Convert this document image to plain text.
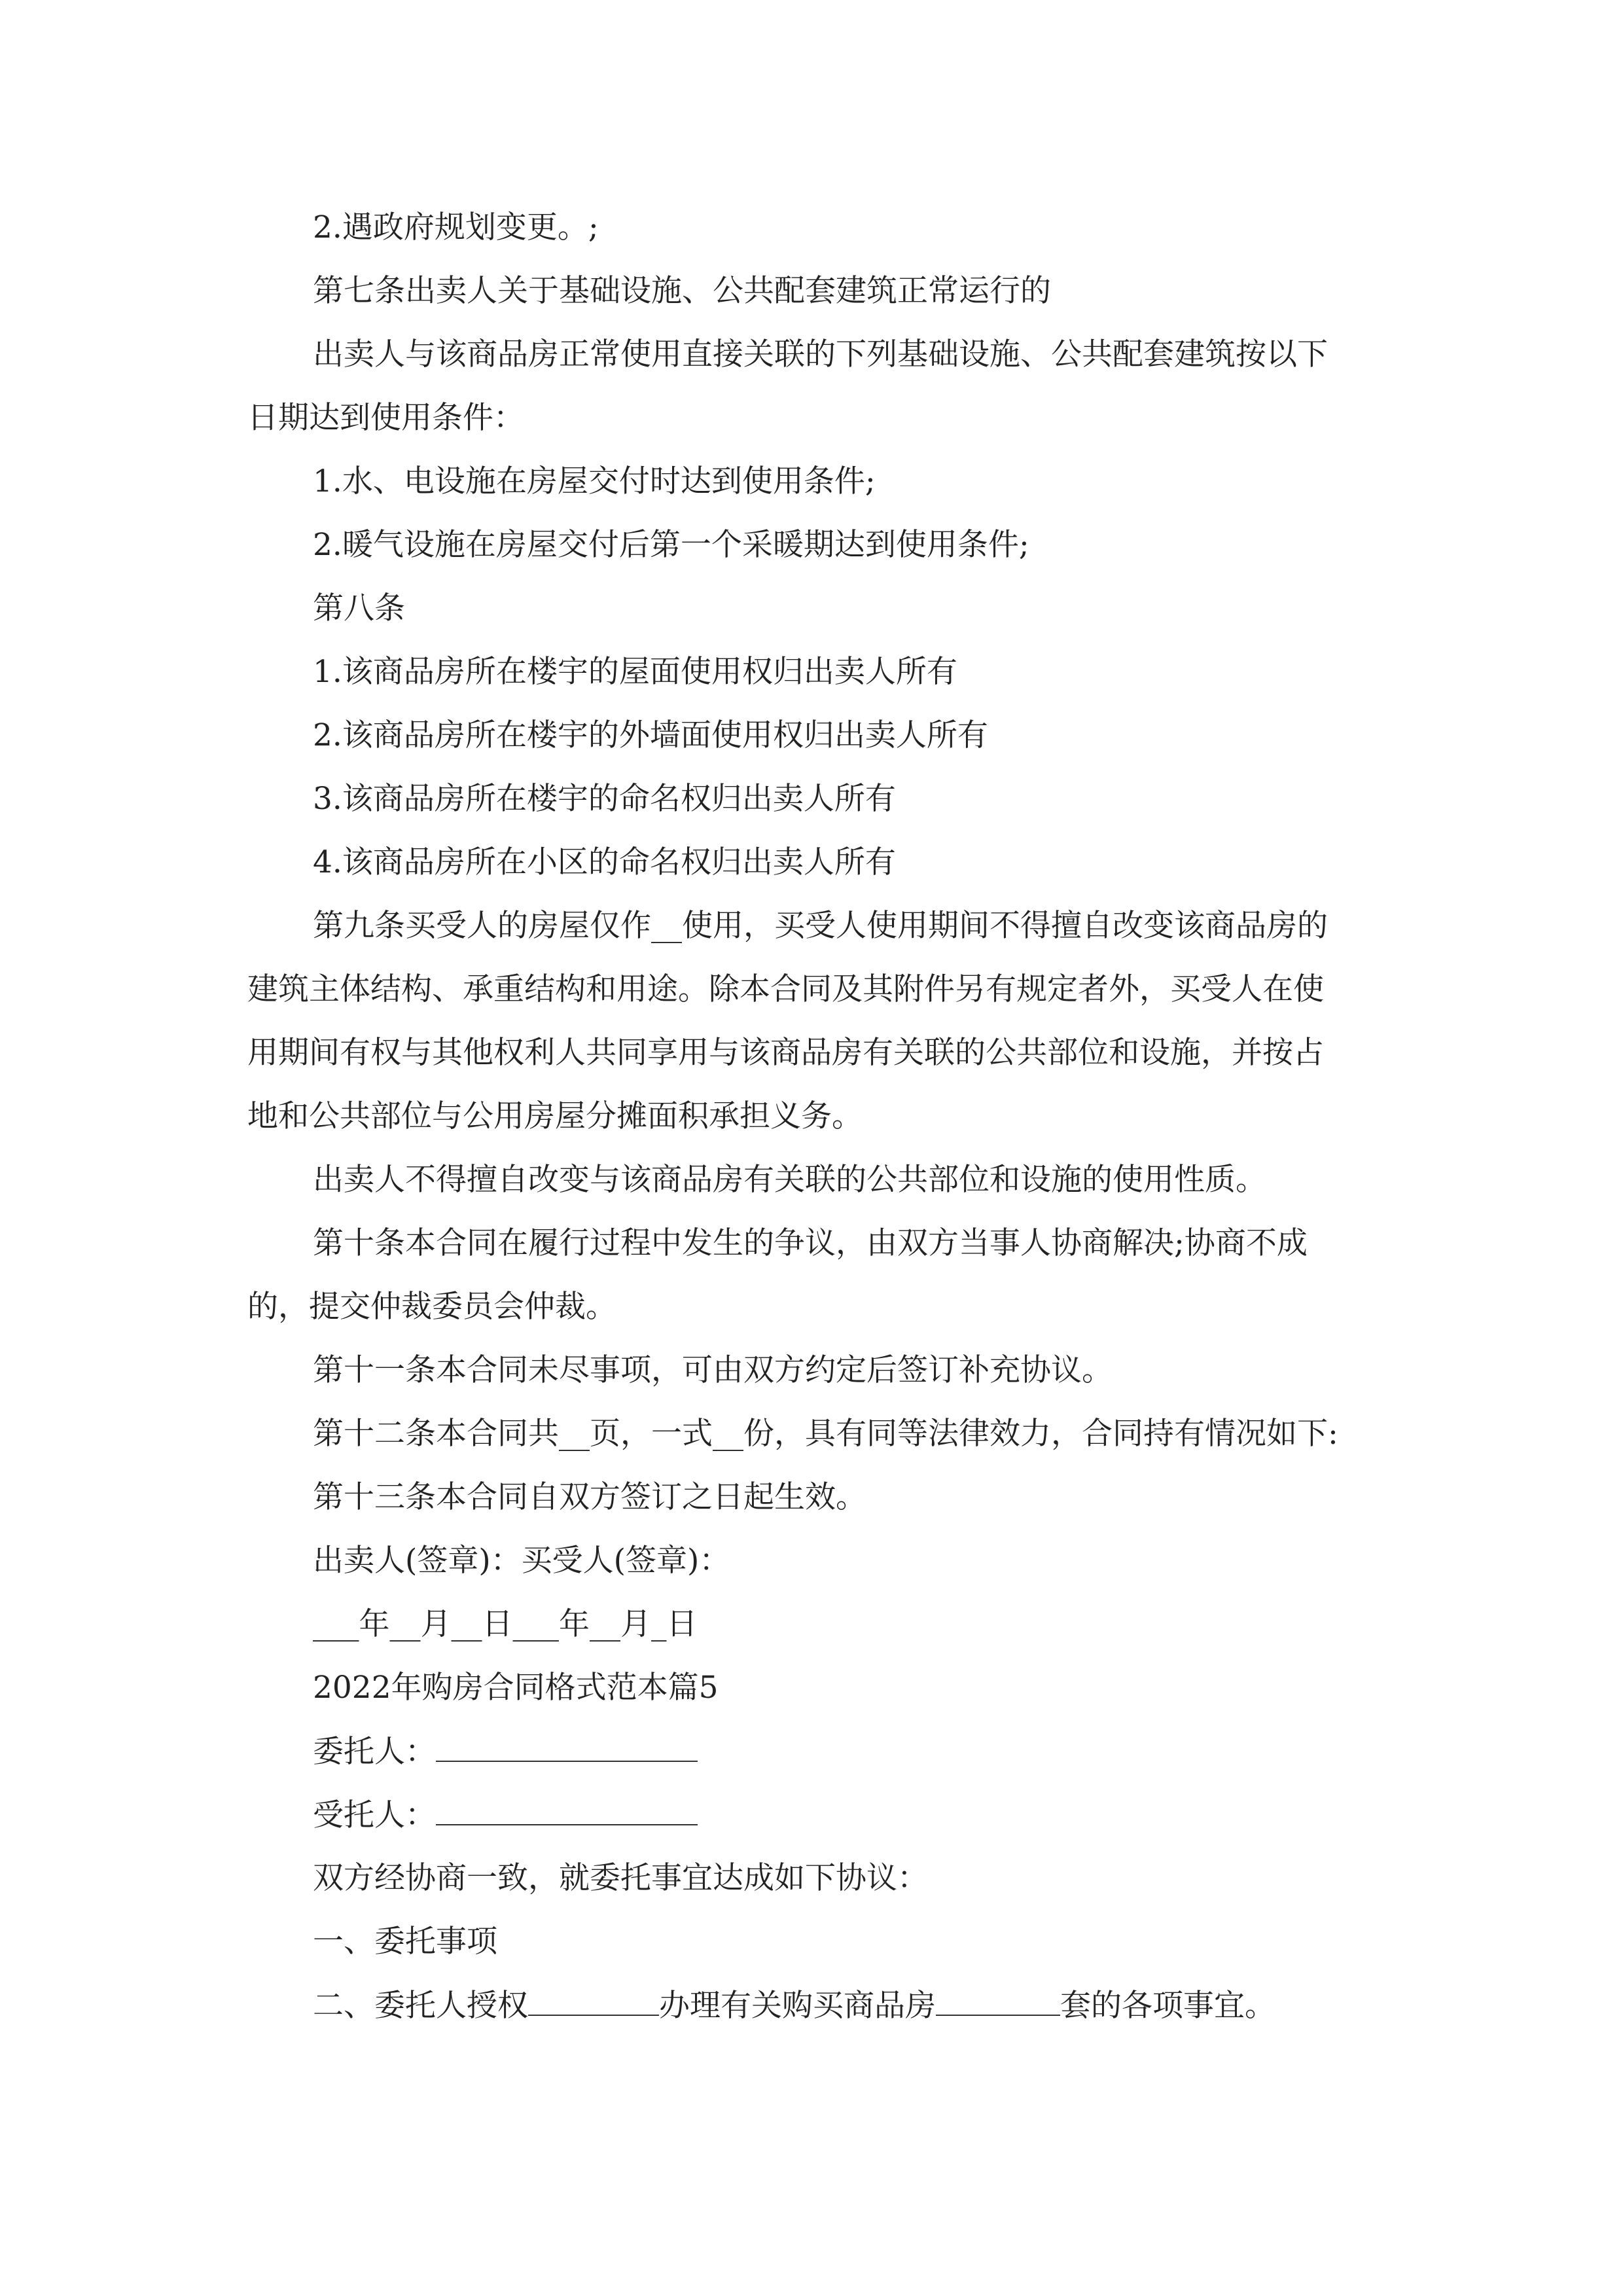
2.遇政府规划变更。;
第七条出卖人关于基础设施、公共配套建筑正常运行的
出卖人与该商品房正常使用直接关联的下列基础设施、公共配套建筑按以下
日期达到使用条件：
1.水、电设施在房屋交付时达到使用条件;
2.暖气设施在房屋交付后第一个采暖期达到使用条件;
第八条
1.该商品房所在楼宇的屋面使用权归出卖人所有
2.该商品房所在楼宇的外墙面使用权归出卖人所有
3.该商品房所在楼宇的命名权归出卖人所有
4.该商品房所在小区的命名权归出卖人所有
第九条买受人的房屋仅作__使用，买受人使用期间不得擅自改变该商品房的
建筑主体结构、承重结构和用途。除本合同及其附件另有规定者外，买受人在使
用期间有权与其他权利人共同享用与该商品房有关联的公共部位和设施，并按占
地和公共部位与公用房屋分摊面积承担义务。
出卖人不得擅自改变与该商品房有关联的公共部位和设施的使用性质。
第十条本合同在履行过程中发生的争议，由双方当事人协商解决;协商不成
的，提交仲裁委员会仲裁。
第十一条本合同未尽事项，可由双方约定后签订补充协议。
第十二条本合同共__页，一式__份，具有同等法律效力，合同持有情况如下:
第十三条本合同自双方签订之日起生效。
出卖人(签章)：买受人(签章)：
___年__月__日___年__月_日
2022年购房合同格式范本篇5
委托人：
受托人：
双方经协商一致，就委托事宜达成如下协议：
一、委托事项
二、委托人授权	办理有关购买商品房	套的各项事宜。
